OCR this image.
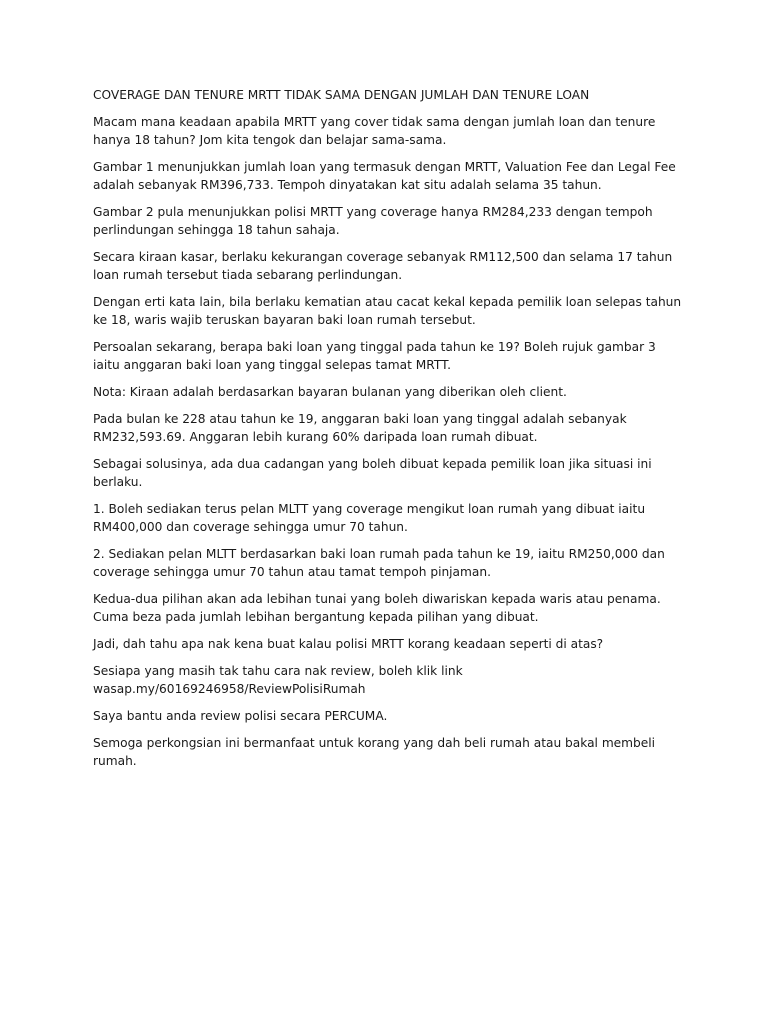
COVERAGE DAN TENURE MRTT TIDAK SAMA DENGAN JUMLAH DAN TENURE LOAN

Macam mana keadaan apabila MRTT yang cover tidak sama dengan jumlah loan dan tenure hanya 18 tahun? Jom kita tengok dan belajar sama-sama.

Gambar 1 menunjukkan jumlah loan yang termasuk dengan MRTT, Valuation Fee dan Legal Fee adalah sebanyak RM396,733. Tempoh dinyatakan kat situ adalah selama 35 tahun.

Gambar 2 pula menunjukkan polisi MRTT yang coverage hanya RM284,233 dengan tempoh perlindungan sehingga 18 tahun sahaja.

Secara kiraan kasar, berlaku kekurangan coverage sebanyak RM112,500 dan selama 17 tahun loan rumah tersebut tiada sebarang perlindungan.

Dengan erti kata lain, bila berlaku kematian atau cacat kekal kepada pemilik loan selepas tahun ke 18, waris wajib teruskan bayaran baki loan rumah tersebut.

Persoalan sekarang, berapa baki loan yang tinggal pada tahun ke 19? Boleh rujuk gambar 3 iaitu anggaran baki loan yang tinggal selepas tamat MRTT.

Nota: Kiraan adalah berdasarkan bayaran bulanan yang diberikan oleh client.

Pada bulan ke 228 atau tahun ke 19, anggaran baki loan yang tinggal adalah sebanyak RM232,593.69. Anggaran lebih kurang 60% daripada loan rumah dibuat.

Sebagai solusinya, ada dua cadangan yang boleh dibuat kepada pemilik loan jika situasi ini berlaku.

1. Boleh sediakan terus pelan MLTT yang coverage mengikut loan rumah yang dibuat iaitu RM400,000 dan coverage sehingga umur 70 tahun.

2. Sediakan pelan MLTT berdasarkan baki loan rumah pada tahun ke 19, iaitu RM250,000 dan coverage sehingga umur 70 tahun atau tamat tempoh pinjaman.

Kedua-dua pilihan akan ada lebihan tunai yang boleh diwariskan kepada waris atau penama. Cuma beza pada jumlah lebihan bergantung kepada pilihan yang dibuat.

Jadi, dah tahu apa nak kena buat kalau polisi MRTT korang keadaan seperti di atas?

Sesiapa yang masih tak tahu cara nak review, boleh klik link

wasap.my/60169246958/ReviewPolisiRumah

Saya bantu anda review polisi secara PERCUMA.

Semoga perkongsian ini bermanfaat untuk korang yang dah beli rumah atau bakal membeli rumah.
